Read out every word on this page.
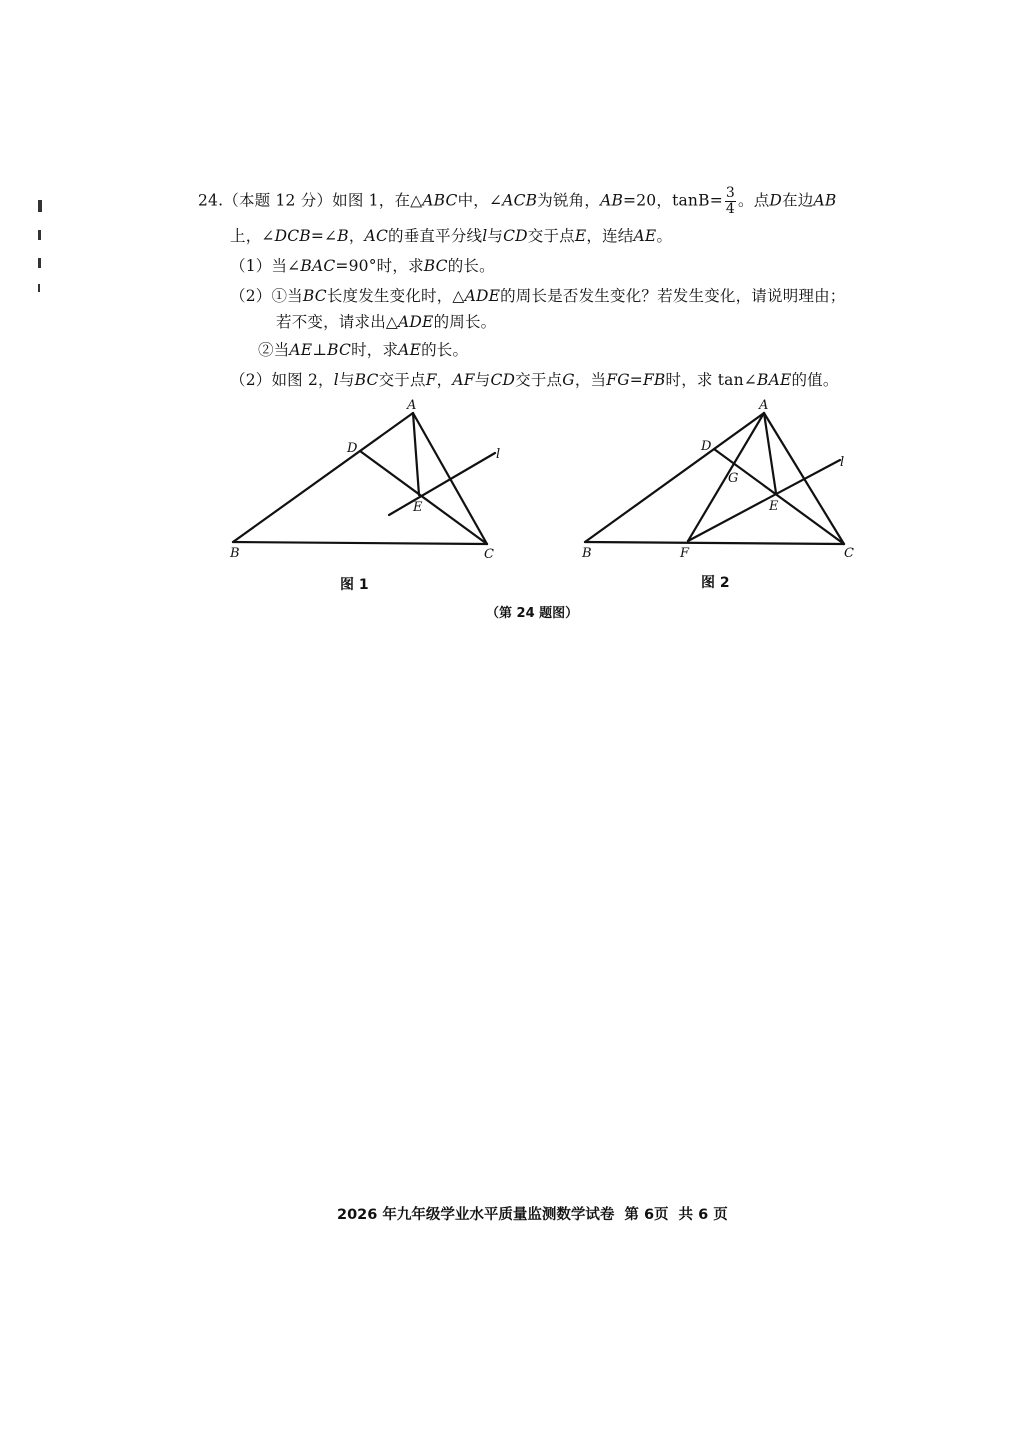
24.（本题 12 分）如图 1，在△ABC中，∠ACB为锐角，AB=20，$\tan B= \frac{3}{4}$ 。点D在边AB
上，∠DCB=∠B，AC的垂直平分线l与CD交于点E，连结AE。
（1）当∠BAC=90°时，求BC的长。
（2）①当BC长度发生变化时，△ADE的周长是否发生变化？若发生变化，请说明理由；
若不变，请求出△ADE的周长。
②当AE⊥BC时，求AE的长。
（2）如图 2，l与BC交于点F，AF与CD交于点G，当FG=FB时，求 tan∠BAE的值。
A
B	C
D
E
l
图 1
A
B	C
D
E
F
G
l
图 2
（第 24 题图）
2026 年九年级学业水平质量监测数学试卷 第 6页 共 6 页
